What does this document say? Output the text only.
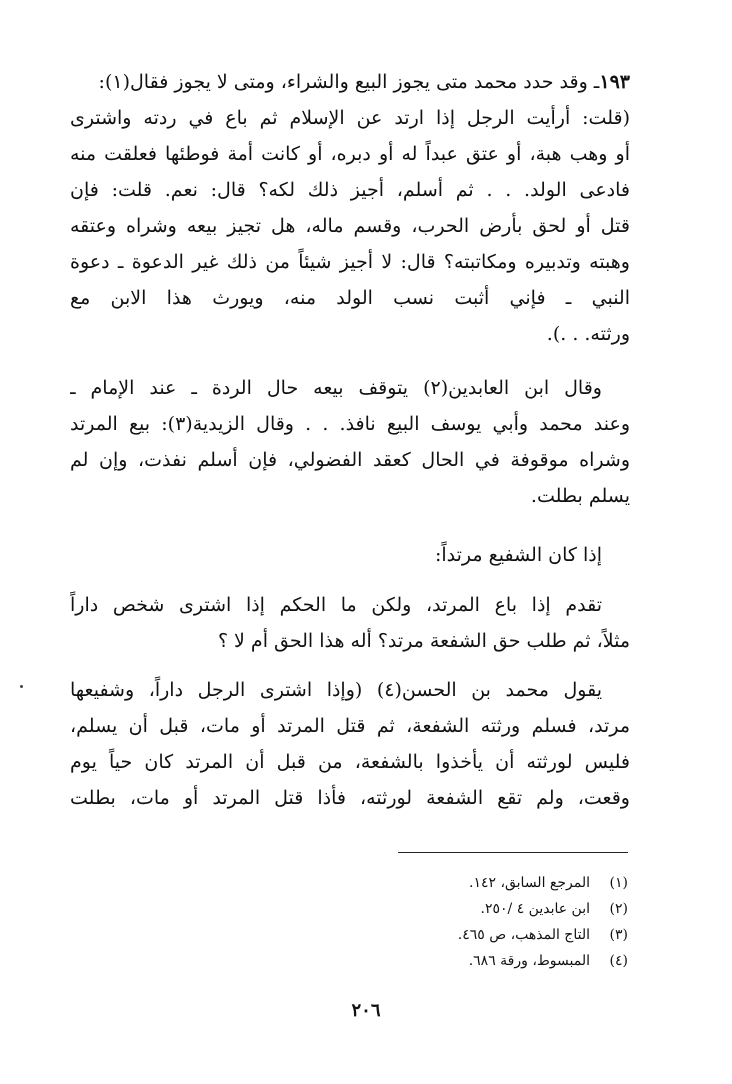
١٩٣ـ وقد حدد محمد متى يجوز البيع والشراء، ومتى لا يجوز فقال(١):
(قلت: أرأيت الرجل إذا ارتد عن الإسلام ثم باع في ردته واشترى
أو وهب هبة، أو عتق عبداً له أو دبره، أو كانت أمة فوطئها فعلقت منه
فادعى الولد. . . ثم أسلم، أجيز ذلك لكه؟ قال: نعم. قلت: فإن
قتل أو لحق بأرض الحرب، وقسم ماله، هل تجيز بيعه وشراه وعتقه
وهبته وتدبيره ومكاتبته؟ قال: لا أجيز شيئاً من ذلك غير الدعوة ـ دعوة
النبي ـ فإني أثبت نسب الولد منه، ويورث هذا الابن مع
ورثته. . .).
وقال ابن العابدين(٢) يتوقف بيعه حال الردة ـ عند الإمام ـ
وعند محمد وأبي يوسف البيع نافذ. . . وقال الزيدية(٣): بيع المرتد
وشراه موقوفة في الحال كعقد الفضولي، فإن أسلم نفذت، وإن لم
يسلم بطلت.
إذا كان الشفيع مرتداً:
تقدم إذا باع المرتد، ولكن ما الحكم إذا اشترى شخص داراً
مثلاً، ثم طلب حق الشفعة مرتد؟ أله هذا الحق أم لا ؟
يقول محمد بن الحسن(٤) (وإذا اشترى الرجل داراً، وشفيعها
مرتد، فسلم ورثته الشفعة، ثم قتل المرتد أو مات، قبل أن يسلم،
فليس لورثته أن يأخذوا بالشفعة، من قبل أن المرتد كان حياً يوم
وقعت، ولم تقع الشفعة لورثته، فأذا قتل المرتد أو مات، بطلت
(١)
المرجع السابق، ١٤٢.
(٢)
ابن عابدين ٤ /٢٥٠.
(٣)
التاج المذهب، ص ٤٦٥.
(٤)
المبسوط، ورقة ٦٨٦.
٢٠٦
